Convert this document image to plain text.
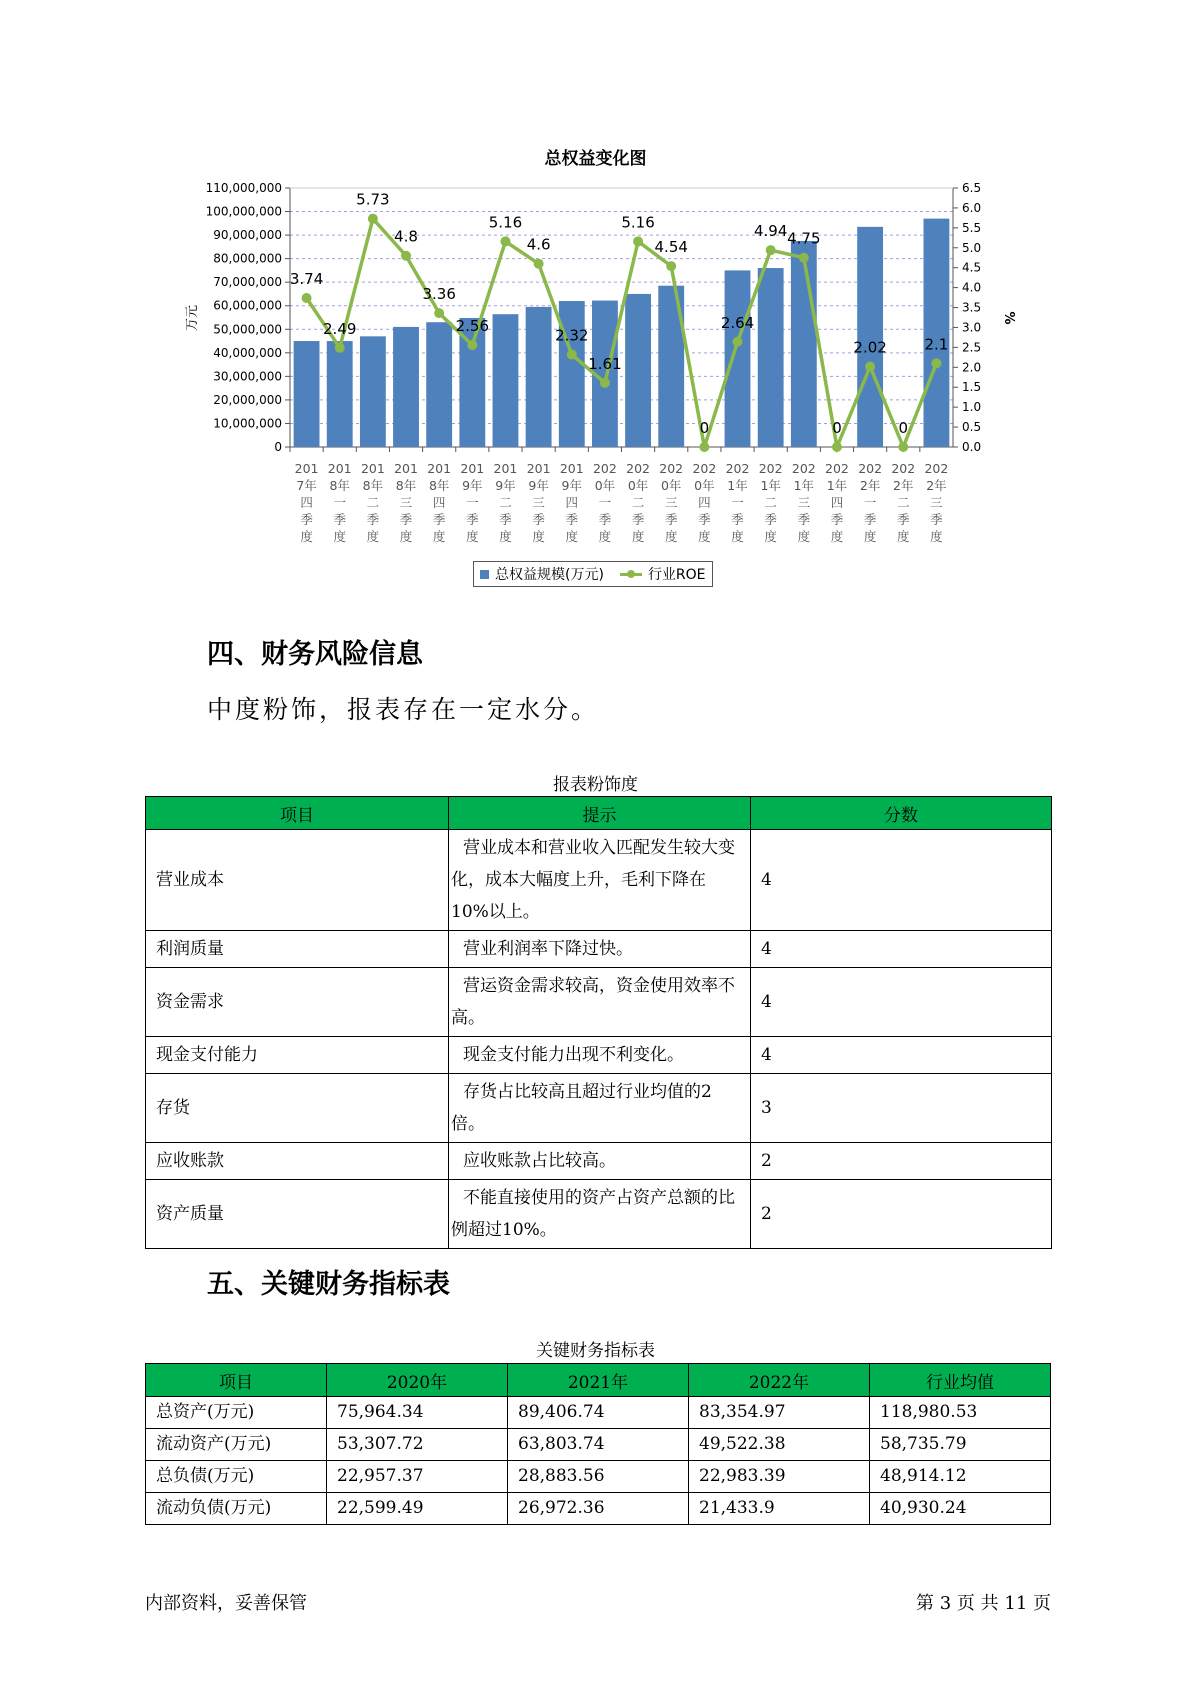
总权益变化图
0
10,000,000
20,000,000
30,000,000
40,000,000
50,000,000
60,000,000
70,000,000
80,000,000
90,000,000
100,000,000
110,000,000
0.0
0.5
1.0
1.5
2.0
2.5
3.0
3.5
4.0
4.5
5.0
5.5
6.0
6.5
万元	%
201
7年
四
季
度
201
8年
一
季
度
201
8年
二
季
度
201
8年
三
季
度
201
8年
四
季
度
201
9年
一
季
度
201
9年
二
季
度
201
9年
三
季
度
201
9年
四
季
度
202
0年
一
季
度
202
0年
二
季
度
202
0年
三
季
度
202
0年
四
季
度
202
1年
一
季
度
202
1年
二
季
度
202
1年
三
季
度
202
1年
四
季
度
202
2年
一
季
度
202
2年
二
季
度
202
2年
三
季
度
3.74
2.49
5.73
4.8
3.36
2.56
5.16
4.6
2.32
1.61
5.16
4.54
0
2.64
4.94 4.75
0
2.02
0
2.1
总权益规模(万元)	行业ROE
四、财务风险信息

中度粉饰，报表存在一定水分。

报表粉饰度

项目	提示	分数
营业成本	营业成本和营业收入匹配发生较大变化，成本大幅度上升，毛利下降在10%以上。	4
利润质量	营业利润率下降过快。	4
资金需求	营运资金需求较高，资金使用效率不高。	4
现金支付能力	现金支付能力出现不利变化。	4
存货	存货占比较高且超过行业均值的2倍。	3
应收账款	应收账款占比较高。	2
资产质量	不能直接使用的资产占资产总额的比例超过10%。	2
五、关键财务指标表

关键财务指标表

项目	2020年	2021年	2022年	行业均值
总资产(万元)	75,964.34	89,406.74	83,354.97	118,980.53
流动资产(万元)	53,307.72	63,803.74	49,522.38	58,735.79
总负债(万元)	22,957.37	28,883.56	22,983.39	48,914.12
流动负债(万元)	22,599.49	26,972.36	21,433.9	40,930.24
内部资料，妥善保管	第 3 页 共 11 页
